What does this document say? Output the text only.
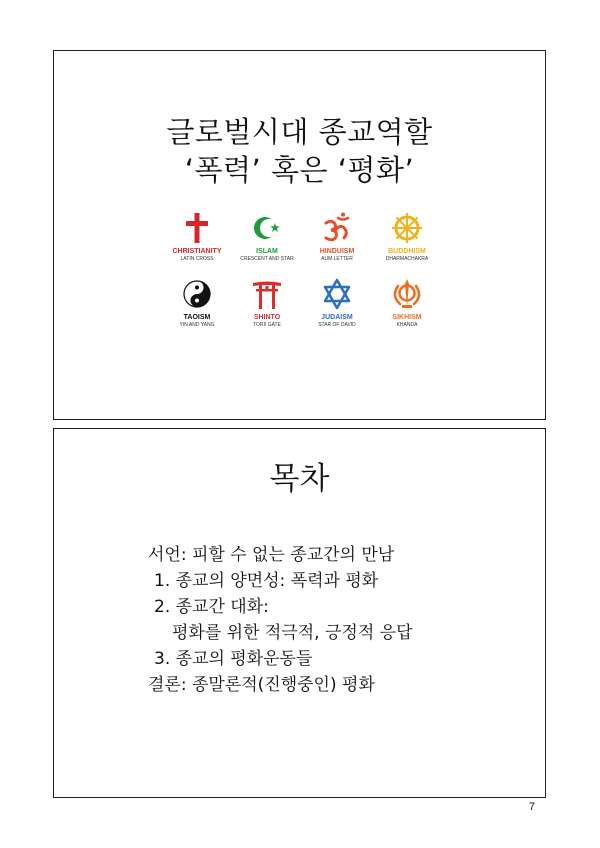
글로벌시대 종교역할
‘폭력’ 혹은 ‘평화’
CHRISTIANITY
LATIN CROSS
ISLAM
CRESCENT AND STAR
HINDUISM
AUM LETTER
BUDDHISM
DHARMACHAKRA
TAOISM
YIN AND YANG
SHINTO
TORII GATE
JUDAISM
STAR OF DAVID
SIKHISM
KHANDA
목차
서언: 피할 수 없는 종교간의 만남
1. 종교의 양면성: 폭력과 평화
2. 종교간 대화:
평화를 위한 적극적, 긍정적 응답
3. 종교의 평화운동들
결론: 종말론적(진행중인) 평화
7
